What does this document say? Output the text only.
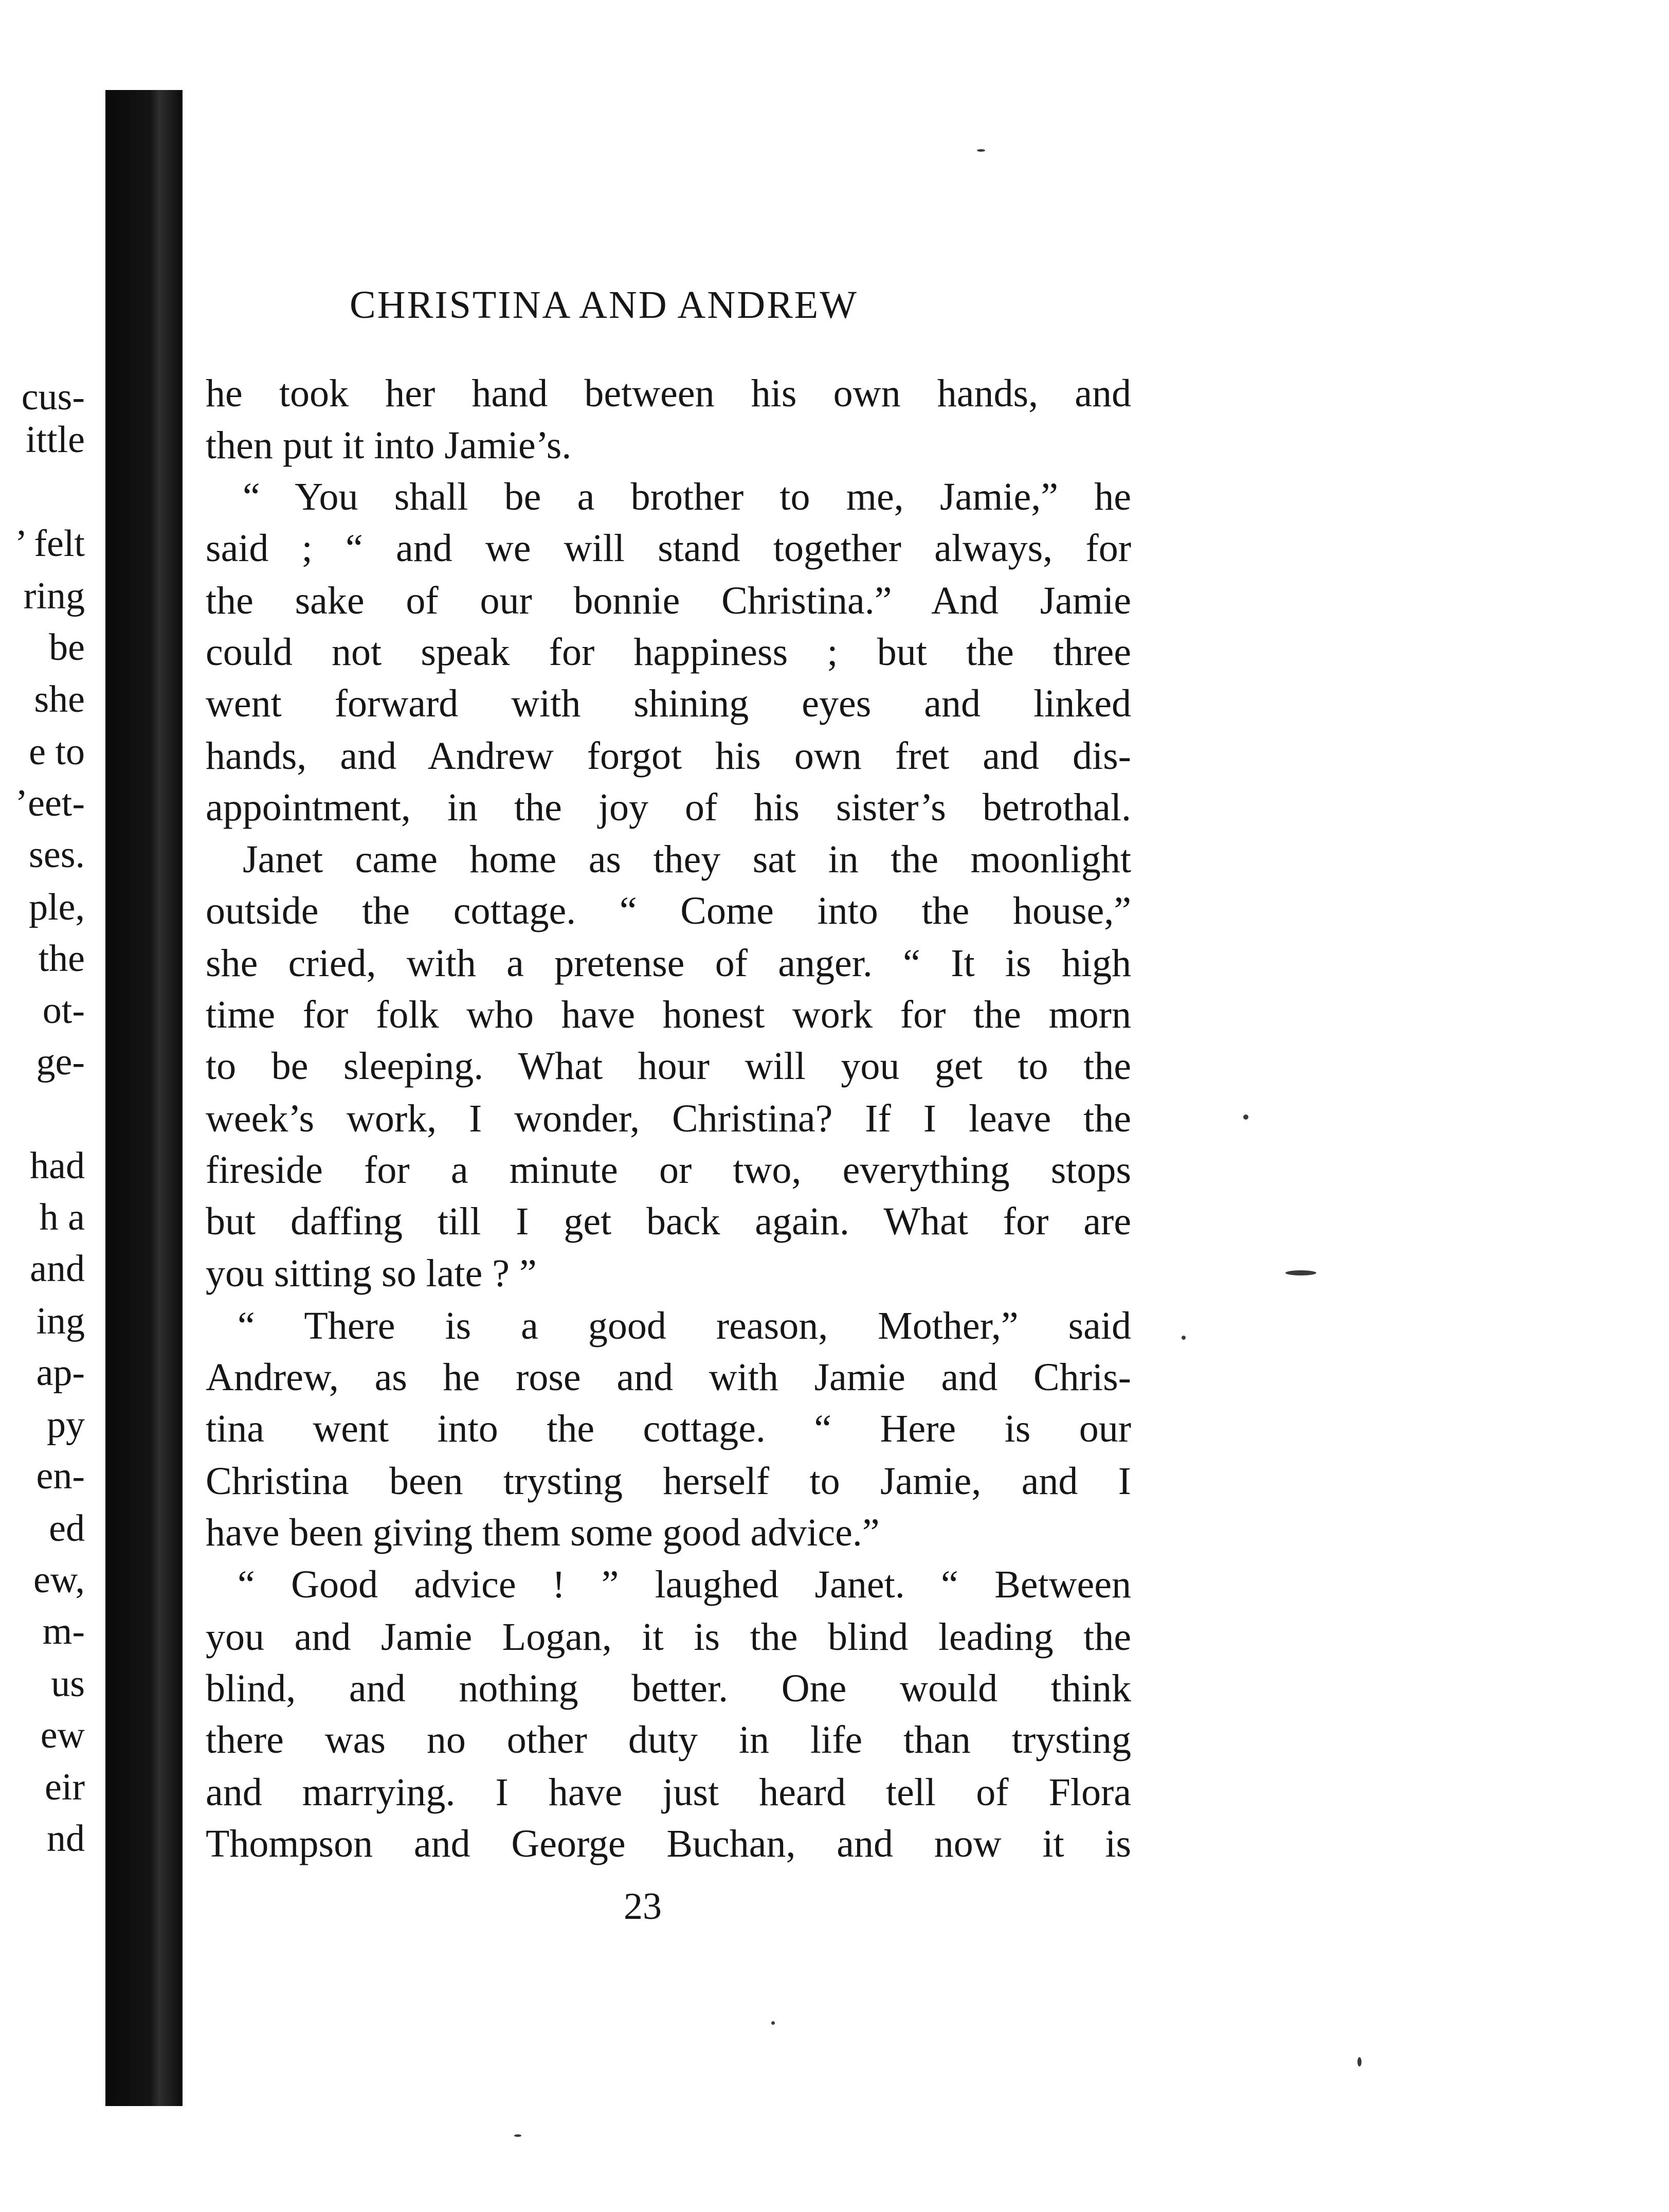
cus-
ittle
’ felt
ring
be
she
e to
’eet-
ses.
ple,
the
ot-
ge-
had
h a
and
ing
ap-
py
en-
ed
ew,
m-
us
ew
eir
nd
CHRISTINA AND ANDREW
he took her hand between his own hands, and
then put it into Jamie’s.
“ You shall be a brother to me, Jamie,” he
said ; “ and we will stand together always, for
the sake of our bonnie Christina.” And Jamie
could not speak for happiness ; but the three
went forward with shining eyes and linked
hands, and Andrew forgot his own fret and dis-
appointment, in the joy of his sister’s betrothal.
Janet came home as they sat in the moonlight
outside the cottage. “ Come into the house,”
she cried, with a pretense of anger. “ It is high
time for folk who have honest work for the morn
to be sleeping. What hour will you get to the
week’s work, I wonder, Christina? If I leave the
fireside for a minute or two, everything stops
but daffing till I get back again. What for are
you sitting so late ? ”
“ There is a good reason, Mother,” said
Andrew, as he rose and with Jamie and Chris-
tina went into the cottage. “ Here is our
Christina been trysting herself to Jamie, and I
have been giving them some good advice.”
“ Good advice ! ” laughed Janet. “ Between
you and Jamie Logan, it is the blind leading the
blind, and nothing better. One would think
there was no other duty in life than trysting
and marrying. I have just heard tell of Flora
Thompson and George Buchan, and now it is
23
